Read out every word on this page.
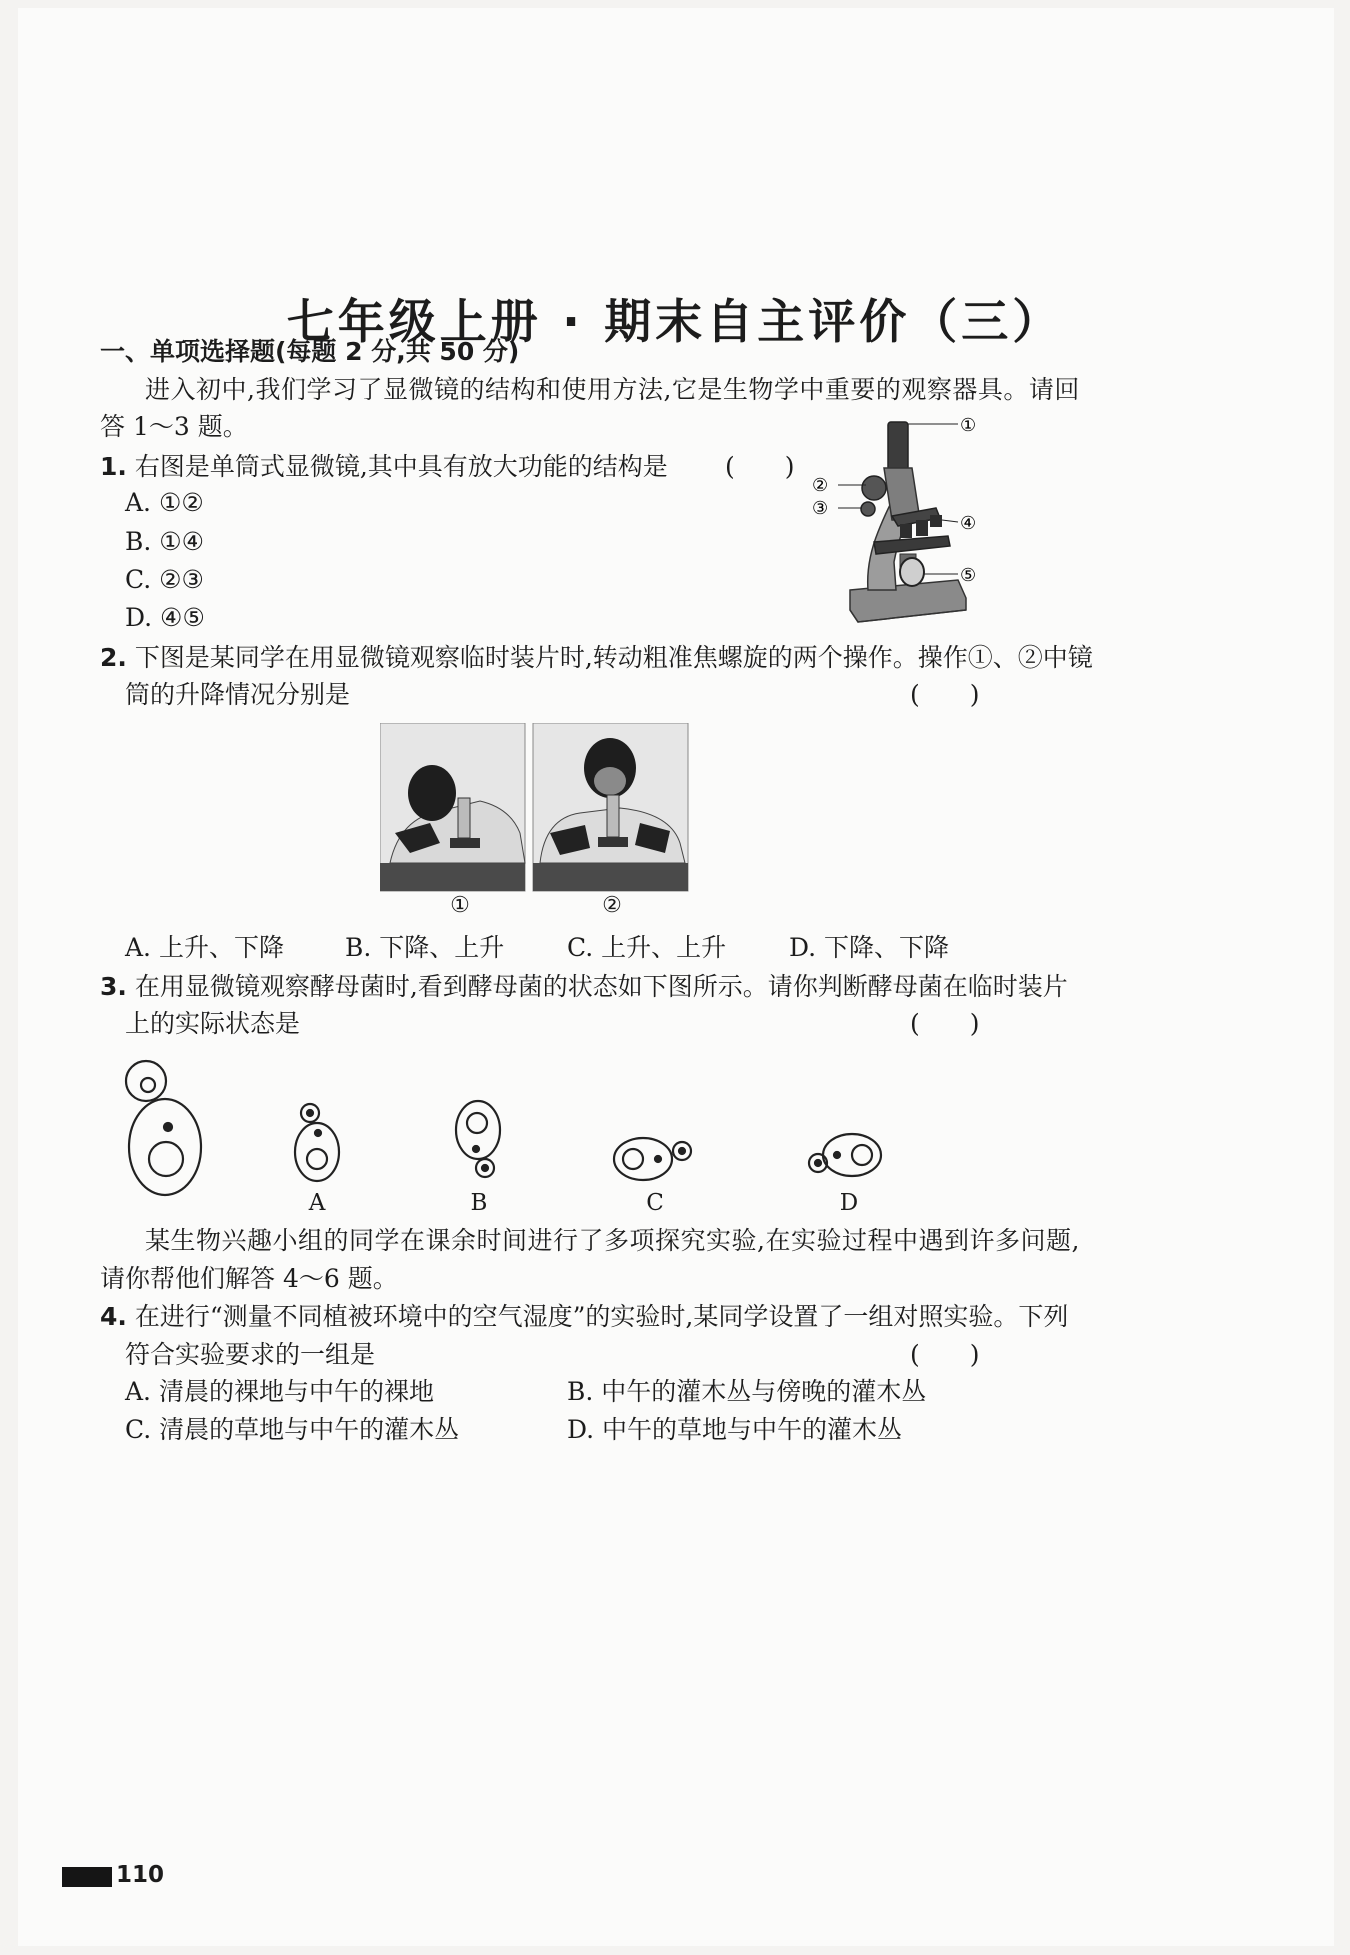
七年级上册 · 期末自主评价（三）
一、单项选择题(每题 2 分,共 50 分)
进入初中,我们学习了显微镜的结构和使用方法,它是生物学中重要的观察器具。请回
答 1～3 题。
1. 右图是单筒式显微镜,其中具有放大功能的结构是 (　　)
A. ①②
B. ①④
C. ②③
D. ④⑤
①
②
③
④
⑤
2. 下图是某同学在用显微镜观察临时装片时,转动粗准焦螺旋的两个操作。操作①、②中镜
筒的升降情况分别是	(　　)
①	②
A. 上升、下降 B. 下降、上升	C. 上升、上升	D. 下降、下降
3. 在用显微镜观察酵母菌时,看到酵母菌的状态如下图所示。请你判断酵母菌在临时装片
上的实际状态是	(　　)
A	B	C	D
某生物兴趣小组的同学在课余时间进行了多项探究实验,在实验过程中遇到许多问题,
请你帮他们解答 4～6 题。
4. 在进行“测量不同植被环境中的空气湿度”的实验时,某同学设置了一组对照实验。下列
符合实验要求的一组是	(　　)
A. 清晨的裸地与中午的裸地	B. 中午的灌木丛与傍晚的灌木丛
C. 清晨的草地与中午的灌木丛	D. 中午的草地与中午的灌木丛
110
